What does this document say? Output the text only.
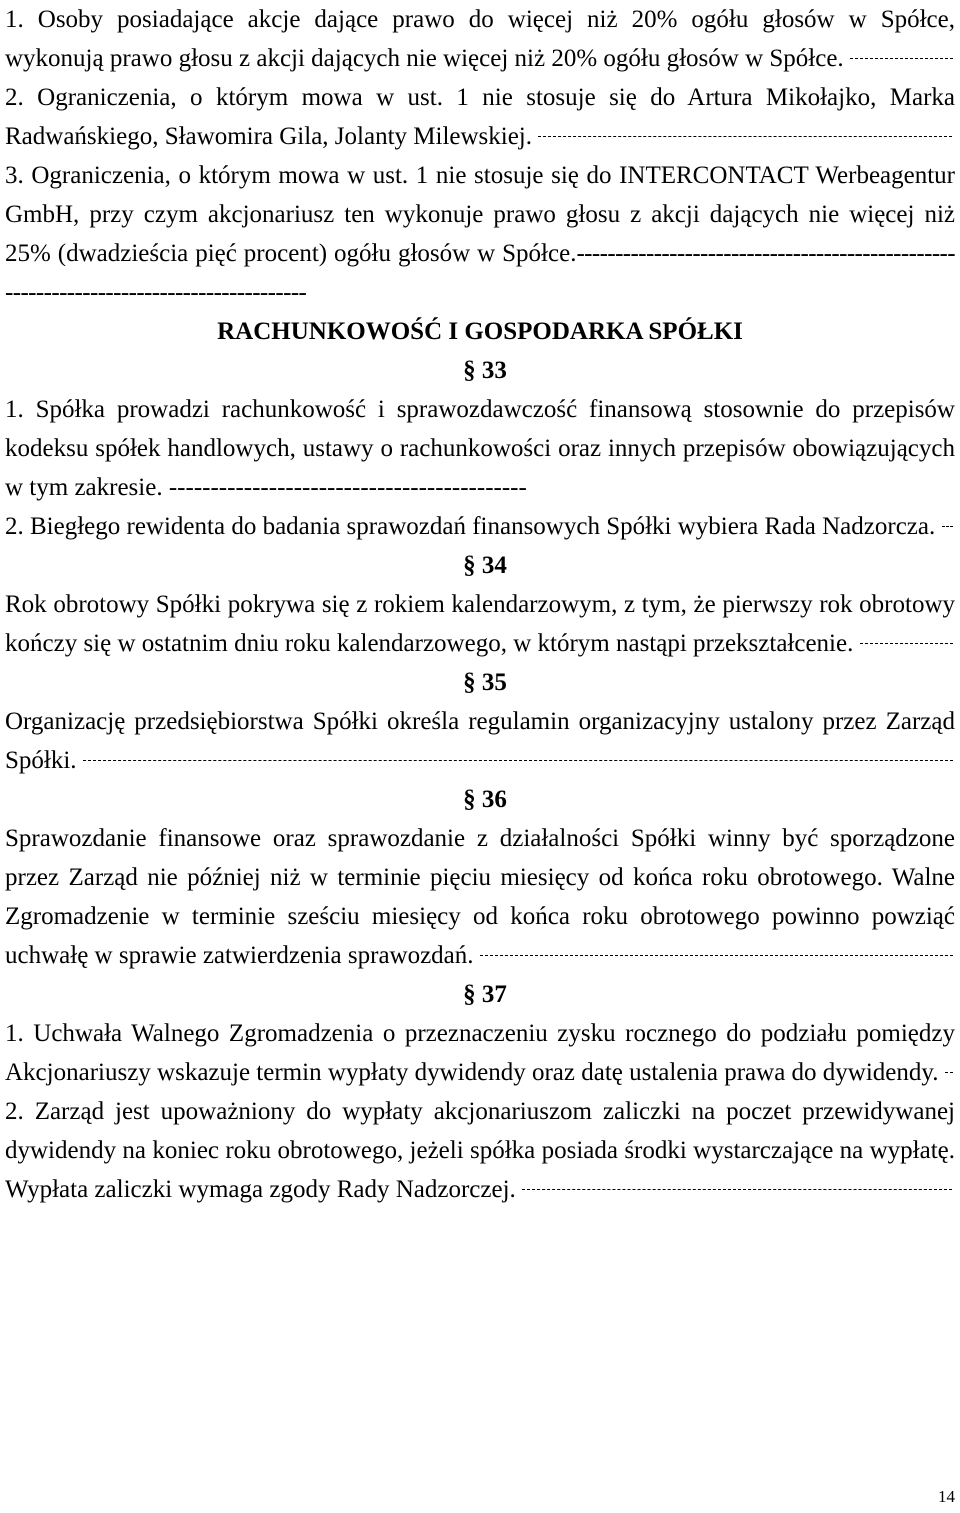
1. Osoby posiadające akcje dające prawo do więcej niż 20% ogółu głosów w Spółce, wykonują prawo głosu z akcji dających nie więcej niż 20% ogółu głosów w Spółce.

2. Ograniczenia, o którym mowa w ust. 1 nie stosuje się do Artura Mikołajko, Marka Radwańskiego, Sławomira Gila, Jolanty Milewskiej.

3. Ograniczenia, o którym mowa w ust. 1 nie stosuje się do INTERCONTACT Werbeagentur GmbH, przy czym akcjonariusz ten wykonuje prawo głosu z akcji dających nie więcej niż 25% (dwadzieścia pięć procent) ogółu głosów w Spółce.----------------------------------------------------------------------------------------

RACHUNKOWOŚĆ I GOSPODARKA SPÓŁKI

§ 33

1. Spółka prowadzi rachunkowość i sprawozdawczość finansową stosownie do przepisów kodeksu spółek handlowych, ustawy o rachunkowości oraz innych przepisów obowiązujących w tym zakresie. -------------------------------------------

2. Biegłego rewidenta do badania sprawozdań finansowych Spółki wybiera Rada Nadzorcza.

§ 34

Rok obrotowy Spółki pokrywa się z rokiem kalendarzowym, z tym, że pierwszy rok obrotowy kończy się w ostatnim dniu roku kalendarzowego, w którym nastąpi przekształcenie.

§ 35

Organizację przedsiębiorstwa Spółki określa regulamin organizacyjny ustalony przez Zarząd Spółki.

§ 36

Sprawozdanie finansowe oraz sprawozdanie z działalności Spółki winny być sporządzone przez Zarząd nie później niż w terminie pięciu miesięcy od końca roku obrotowego. Walne Zgromadzenie w terminie sześciu miesięcy od końca roku obrotowego powinno powziąć uchwałę w sprawie zatwierdzenia sprawozdań.

§ 37

1. Uchwała Walnego Zgromadzenia o przeznaczeniu zysku rocznego do podziału pomiędzy Akcjonariuszy wskazuje termin wypłaty dywidendy oraz datę ustalenia prawa do dywidendy.

2. Zarząd jest upoważniony do wypłaty akcjonariuszom zaliczki na poczet przewidywanej dywidendy na koniec roku obrotowego, jeżeli spółka posiada środki wystarczające na wypłatę. Wypłata zaliczki wymaga zgody Rady Nadzorczej.

14
